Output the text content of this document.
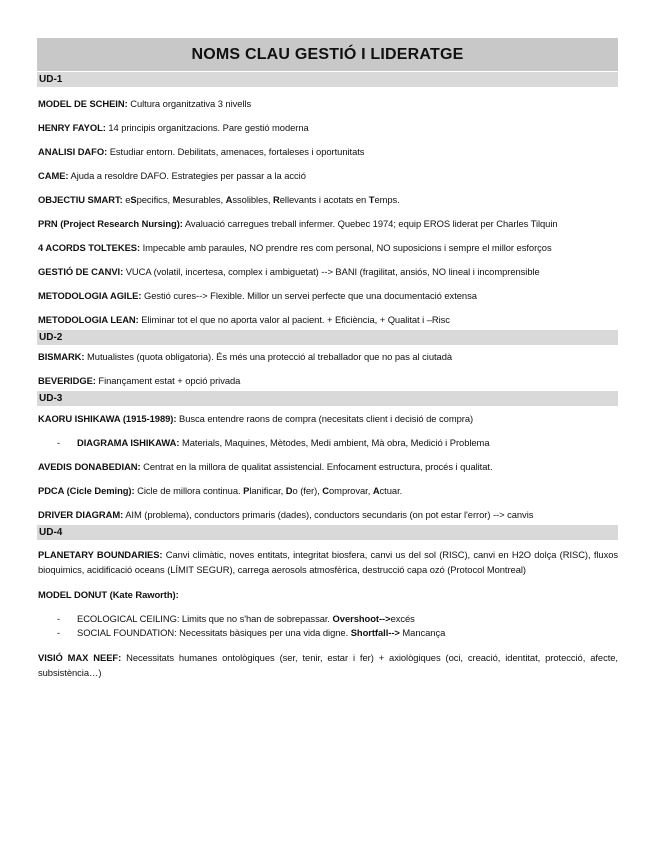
NOMS CLAU GESTIÓ I LIDERATGE
UD-1

MODEL DE SCHEIN: Cultura organitzativa 3 nivells

HENRY FAYOL: 14 principis organitzacions. Pare gestió moderna

ANALISI DAFO: Estudiar entorn. Debilitats, amenaces, fortaleses i oportunitats

CAME: Ajuda a resoldre DAFO. Estrategies per passar a la acció

OBJECTIU SMART: eSpecifics, Mesurables, Assolibles, Rellevants i acotats en Temps.

PRN (Project Research Nursing): Avaluació carregues treball infermer. Quebec 1974; equip EROS liderat per Charles Tilquin

4 ACORDS TOLTEKES: Impecable amb paraules, NO prendre res com personal, NO suposicions i sempre el millor esforços

GESTIÓ DE CANVI: VUCA (volatil, incertesa, complex i ambiguetat) --> BANI (fragilitat, ansiós, NO lineal i incomprensible

METODOLOGIA AGILE: Gestió cures--> Flexible. Millor un servei perfecte que una documentació extensa

METODOLOGIA LEAN: Eliminar tot el que no aporta valor al pacient. + Eficiència, + Qualitat i –Risc

UD-2

BISMARK: Mutualistes (quota obligatoria). És més una protecció al treballador que no pas al ciutadà

BEVERIDGE: Finançament estat + opció privada

UD-3

KAORU ISHIKAWA (1915-1989): Busca entendre raons de compra (necesitats client i decisió de compra)

- DIAGRAMA ISHIKAWA: Materials, Maquines, Mètodes, Medi ambient, Mà obra, Medició i Problema

AVEDIS DONABEDIAN: Centrat en la millora de qualitat assistencial. Enfocament estructura, procés i qualitat.

PDCA (Cicle Deming): Cicle de millora continua. Planificar, Do (fer), Comprovar, Actuar.

DRIVER DIAGRAM: AIM (problema), conductors primaris (dades), conductors secundaris (on pot estar l'error) --> canvis

UD-4

PLANETARY BOUNDARIES: Canvi climàtic, noves entitats, integritat biosfera, canvi us del sol (RISC), canvi en H2O dolça (RISC), fluxos bioquimics, acidificació oceans (LÍMIT SEGUR), carrega aerosols atmosfèrica, destrucció capa ozó (Protocol Montreal)

MODEL DONUT (Kate Raworth):

- ECOLOGICAL CEILING: Limits que no s'han de sobrepassar. Overshoot-->excés
- SOCIAL FOUNDATION: Necessitats bàsiques per una vida digne. Shortfall--> Mancança

VISIÓ MAX NEEF: Necessitats humanes ontològiques (ser, tenir, estar i fer) + axiològiques (oci, creació, identitat, protecció, afecte, subsistència…)
